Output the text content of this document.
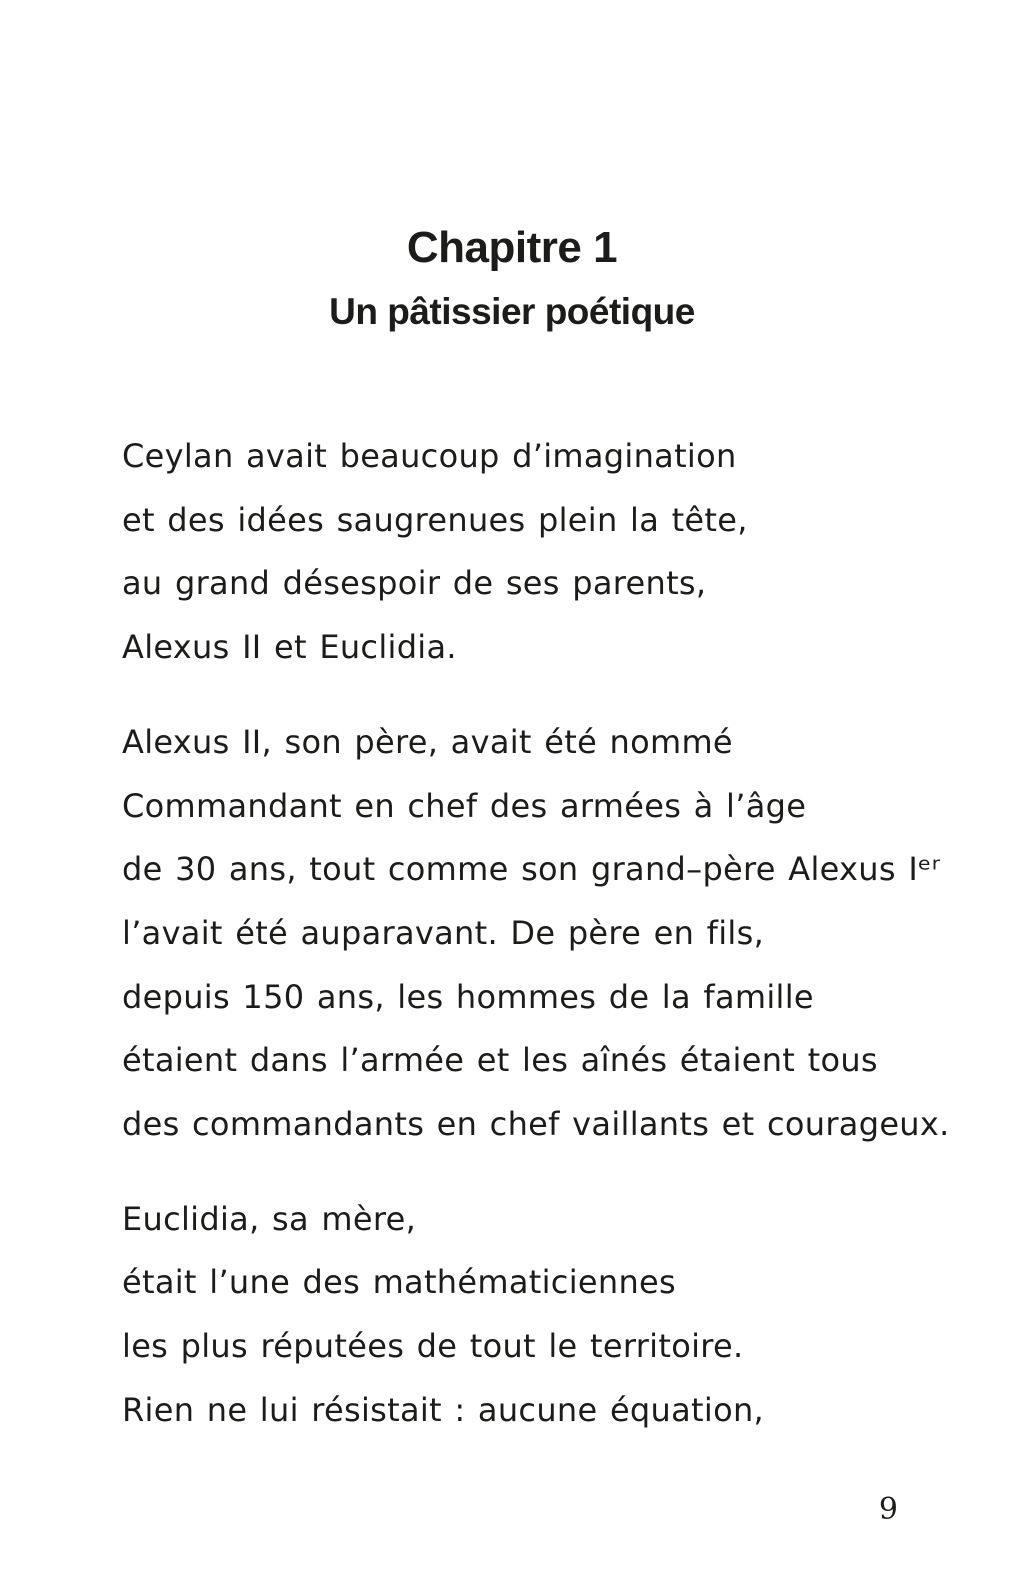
Chapitre 1
Un pâtissier poétique
Ceylan avait beaucoup d’imagination
et des idées saugrenues plein la tête,
au grand désespoir de ses parents,
Alexus II et Euclidia.
Alexus II, son père, avait été nommé
Commandant en chef des armées à l’âge
de 30 ans, tout comme son grand–père Alexus Iᵉʳ
l’avait été auparavant. De père en fils,
depuis 150 ans, les hommes de la famille
étaient dans l’armée et les aînés étaient tous
des commandants en chef vaillants et courageux.
Euclidia, sa mère,
était l’une des mathématiciennes
les plus réputées de tout le territoire.
Rien ne lui résistait : aucune équation,
9
